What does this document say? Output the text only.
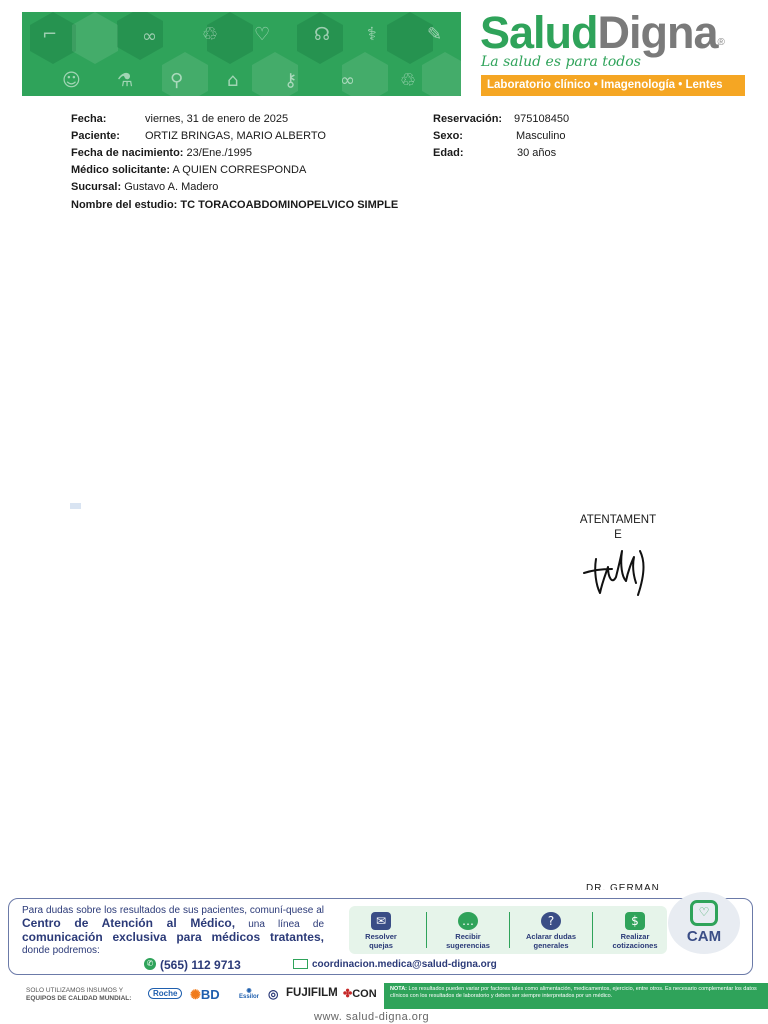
⌐	∞	♲ ♡ ☊ ⚕	✎
☺ ⚗ ⚲ ⌂	⚷ ∞	♲
SaludDigna®
La salud es para todos
Laboratorio clínico • Imagenología • Lentes
Fecha:	viernes, 31 de enero de 2025
Paciente: ORTIZ BRINGAS, MARIO ALBERTO
Fecha de nacimiento: 23/Ene./1995
Médico solicitante: A QUIEN CORRESPONDA
Sucursal: Gustavo A. Madero
Nombre del estudio: TC TORACOABDOMINOPELVICO SIMPLE
Reservación: 975108450
Sexo:	Masculino
Edad:	30 años
ATENTAMENT
E
DR. GERMAN
Para dudas sobre los resultados de sus pacientes, comuní-quese al Centro de Atención al Médico, una línea de comunicación exclusiva para médicos tratantes, donde podremos:
✉
Resolver
quejas
…
Recibir
sugerencias
?
Aclarar dudas
generales
$
Realizar
cotizaciones
♡
CAM
✆ (565) 112 9713	coordinacion.medica@salud-digna.org
SOLO UTILIZAMOS INSUMOS Y
EQUIPOS DE CALIDAD MUNDIAL:
Roche ✺BD	◉
Essilor ◎ FUJIFILM ✤CON	NOTA: Los resultados pueden variar por factores tales como alimentación, medicamentos, ejercicio, entre otros. Es necesario complementar los datos clínicos con los resultados de laboratorio y deben ser siempre interpretados por un médico.
www. salud-digna.org
